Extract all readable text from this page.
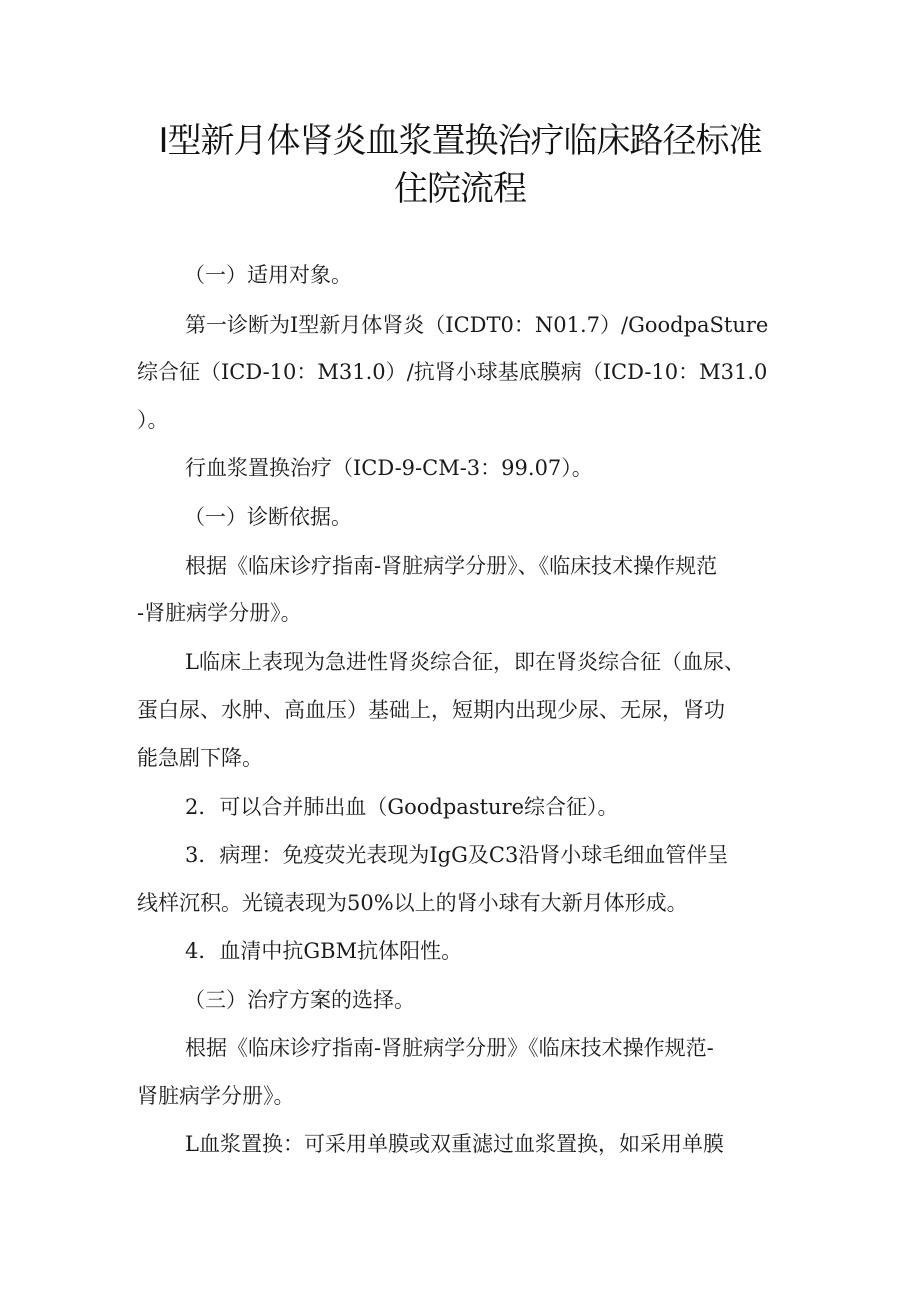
I型新月体肾炎血浆置换治疗临床路径标准
住院流程

（一）适用对象。

第一诊断为I型新月体肾炎（ICDT0：N01.7）/GoodpaSture

综合征（ICD-10：M31.0）/抗肾小球基底膜病（ICD-10：M31.0

）。

行血浆置换治疗（ICD-9-CM-3：99.07）。

（一）诊断依据。

根据《临床诊疗指南-肾脏病学分册》、《临床技术操作规范

-肾脏病学分册》。

L临床上表现为急进性肾炎综合征，即在肾炎综合征（血尿、

蛋白尿、水肿、高血压）基础上，短期内出现少尿、无尿，肾功

能急剧下降。

2．可以合并肺出血（Goodpasture综合征）。

3．病理：免疫荧光表现为IgG及C3沿肾小球毛细血管伴呈

线样沉积。光镜表现为50%以上的肾小球有大新月体形成。

4．血清中抗GBM抗体阳性。

（三）治疗方案的选择。

根据《临床诊疗指南-肾脏病学分册》《临床技术操作规范-

肾脏病学分册》。

L血浆置换：可采用单膜或双重滤过血浆置换，如采用单膜
